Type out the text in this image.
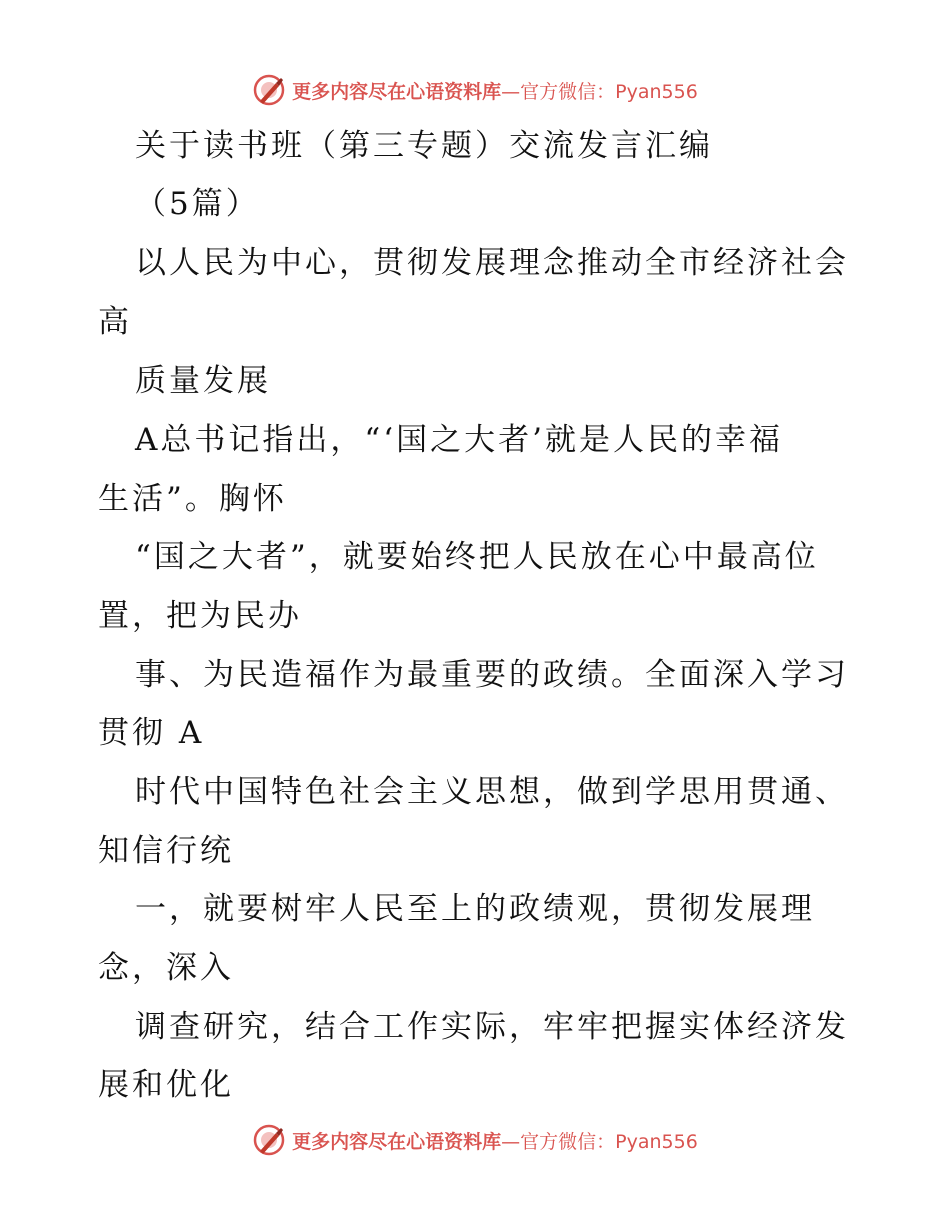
更多内容尽在心语资料库—官方微信：Pyan556
关于读书班（第三专题）交流发言汇编
（5篇）
以人民为中心，贯彻发展理念推动全市经济社会
高
质量发展
A总书记指出，“‘国之大者’就是人民的幸福
生活”。胸怀
“国之大者”，就要始终把人民放在心中最高位
置，把为民办
事、为民造福作为最重要的政绩。全面深入学习
贯彻 A
时代中国特色社会主义思想，做到学思用贯通、
知信行统
一，就要树牢人民至上的政绩观，贯彻发展理
念，深入
调查研究，结合工作实际，牢牢把握实体经济发
展和优化
更多内容尽在心语资料库—官方微信：Pyan556
